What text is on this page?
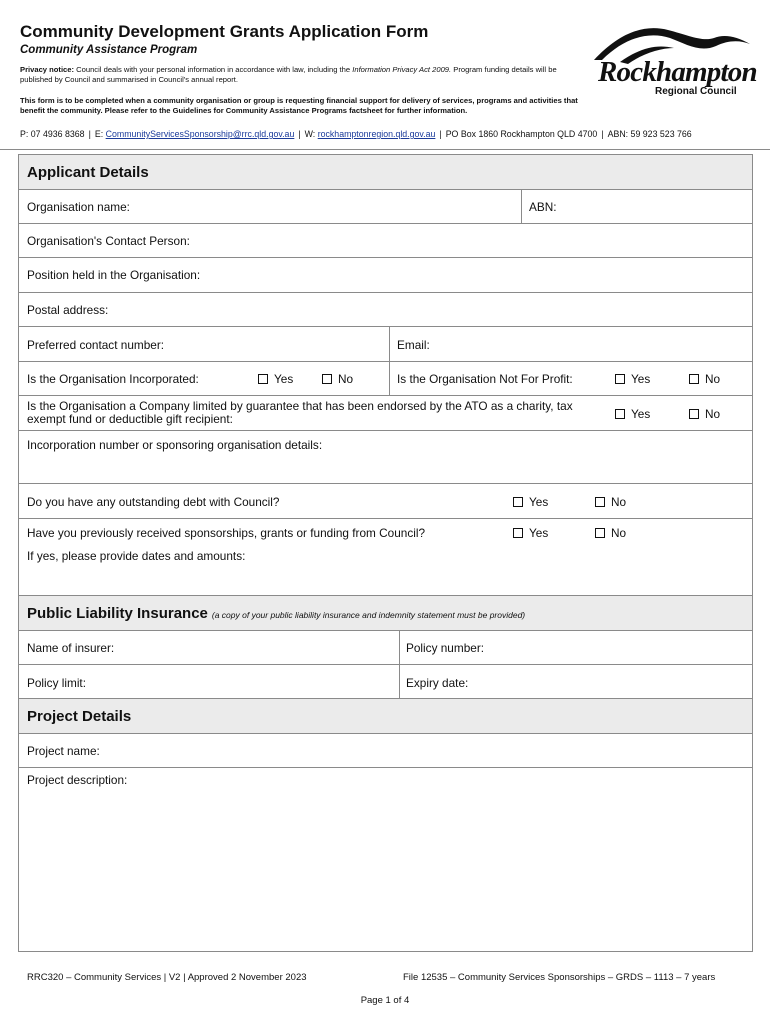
Community Development Grants Application Form
Community Assistance Program
Privacy notice: Council deals with your personal information in accordance with law, including the Information Privacy Act 2009. Program funding details will be published by Council and summarised in Council's annual report.
This form is to be completed when a community organisation or group is requesting financial support for delivery of services, programs and activities that benefit the community. Please refer to the Guidelines for Community Assistance Programs factsheet for further information.
P: 07 4936 8368 | E: CommunityServicesSponsorship@rrc.qld.gov.au | W: rockhamptonregion.qld.gov.au | PO Box 1860 Rockhampton QLD 4700 | ABN: 59 923 523 766
Rockhampton
Regional Council
Applicant Details
Organisation name:	ABN:
Organisation's Contact Person:
Position held in the Organisation:
Postal address:
Preferred contact number:	Email:
Is the Organisation Incorporated:	Yes	No	Is the Organisation Not For Profit:	Yes	No
Is the Organisation a Company limited by guarantee that has been endorsed by the ATO as a charity, tax exempt fund or deductible gift recipient:	Yes	No
Incorporation number or sponsoring organisation details:
Do you have any outstanding debt with Council?	Yes	No
Have you previously received sponsorships, grants or funding from Council?	Yes	No
If yes, please provide dates and amounts:
Public Liability Insurance (a copy of your public liability insurance and indemnity statement must be provided)
Name of insurer:	Policy number:
Policy limit:	Expiry date:
Project Details
Project name:
Project description:
RRC320 – Community Services | V2 | Approved 2 November 2023	File 12535 – Community Services Sponsorships – GRDS – 1113 – 7 years
Page 1 of 4
